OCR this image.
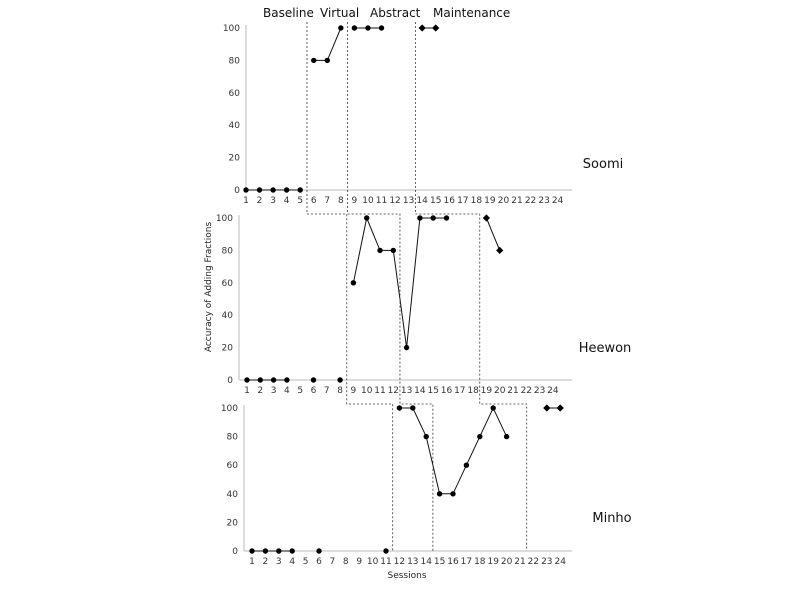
Baseline Virtual Abstract Maintenance
Accuracy of Adding Fractions
Sessions
0
20
40
60
80
100
1 2 3 4 5 6 7 8 9 10 11 12 13 14 15 16 17 18 19 20 21 22 23 24
Soomi
0
20
40
60
80
100
1 2 3 4 5 6 7 8 9 10 11 12 13 14 15 16 17 18 19 20 21 22 23 24
Heewon
0
20
40
60
80
100
1 2 3 4 5 6 7 8 9 10 11 12 13 14 15 16 17 18 19 20 21 22 23 24
Minho
